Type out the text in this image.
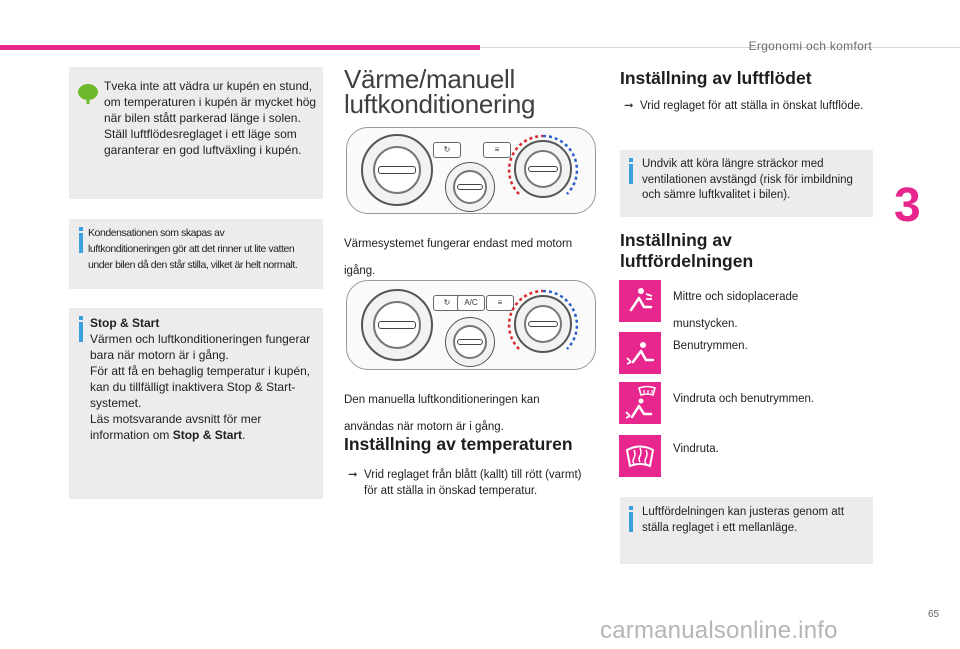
Ergonomi och komfort
3

Tveka inte att vädra ur kupén en stund,

om temperaturen i kupén är mycket hög

när bilen stått parkerad länge i solen.

Ställ luftflödesreglaget i ett läge som

garanterar en god luftväxling i kupén.

Kondensationen som skapas av

luftkonditioneringen gör att det rinner ut lite vatten

under bilen då den står stilla, vilket är helt normalt.

Stop & Start

Värmen och luftkonditioneringen fungerar

bara när motorn är i gång.

För att få en behaglig temperatur i kupén,

kan du tillfälligt inaktivera Stop & Start-

systemet.

Läs motsvarande avsnitt för mer

information om Stop & Start.

Värme/manuell
luftkonditionering
↻	≡

Värmesystemet fungerar endast med motorn

igång.

↻	A/C	≡

Den manuella luftkonditioneringen kan

användas när motorn är i gång.

Inställning av temperaturen

➞ Vrid reglaget från blått (kallt) till rött (varmt)

för att ställa in önskad temperatur.

Inställning av luftflödet

➞ Vrid reglaget för att ställa in önskat luftflöde.

Undvik att köra längre sträckor med

ventilationen avstängd (risk för imbildning

och sämre luftkvalitet i bilen).

Inställning av
luftfördelningen

Mittre och sidoplacerade

munstycken.

Benutrymmen.

Vindruta och benutrymmen.

Vindruta.

Luftfördelningen kan justeras genom att

ställa reglaget i ett mellanläge.

65
carmanualsonline.info
